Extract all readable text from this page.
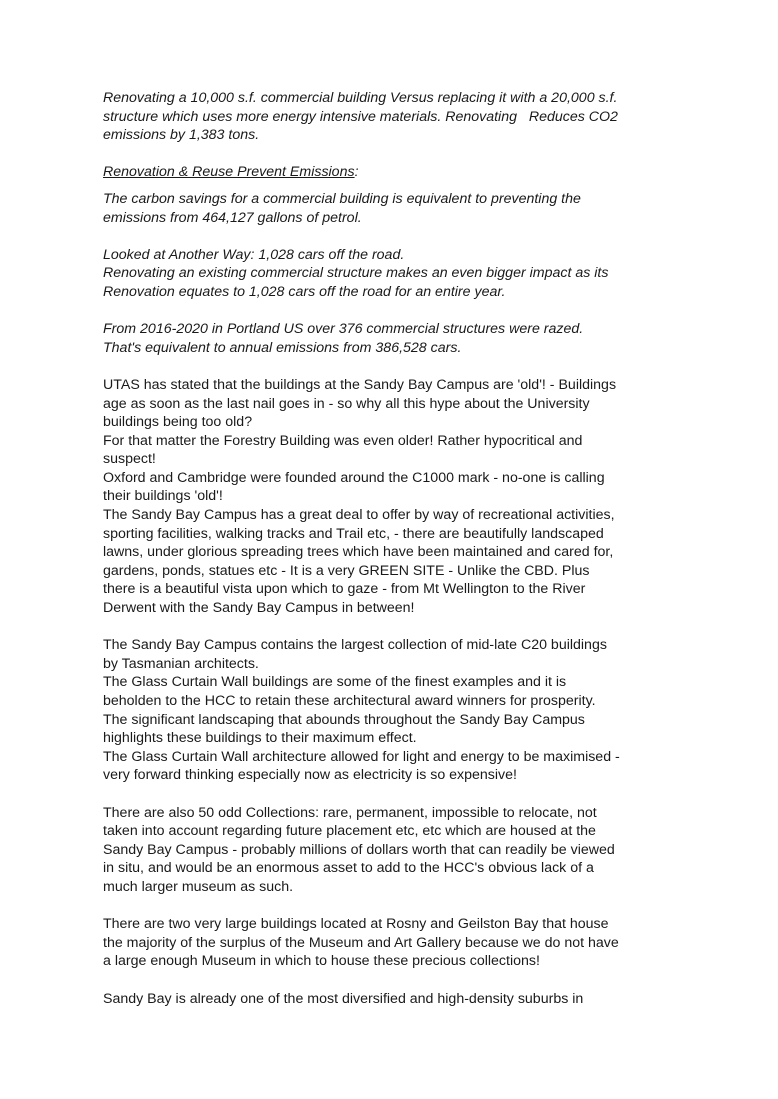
Renovating a 10,000 s.f. commercial building Versus replacing it with a 20,000 s.f.
structure which uses more energy intensive materials. Renovating   Reduces CO2
emissions by 1,383 tons.
Renovation & Reuse Prevent Emissions:
The carbon savings for a commercial building is equivalent to preventing the
emissions from 464,127 gallons of petrol.
Looked at Another Way: 1,028 cars off the road.
Renovating an existing commercial structure makes an even bigger impact as its
Renovation equates to 1,028 cars off the road for an entire year.
From 2016-2020 in Portland US over 376 commercial structures were razed.
That's equivalent to annual emissions from 386,528 cars.
UTAS has stated that the buildings at the Sandy Bay Campus are 'old'! - Buildings
age as soon as the last nail goes in - so why all this hype about the University
buildings being too old?
For that matter the Forestry Building was even older! Rather hypocritical and
suspect!
Oxford and Cambridge were founded around the C1000 mark - no-one is calling
their buildings 'old'!
The Sandy Bay Campus has a great deal to offer by way of recreational activities,
sporting facilities, walking tracks and Trail etc, - there are beautifully landscaped
lawns, under glorious spreading trees which have been maintained and cared for,
gardens, ponds, statues etc - It is a very GREEN SITE - Unlike the CBD. Plus
there is a beautiful vista upon which to gaze - from Mt Wellington to the River
Derwent with the Sandy Bay Campus in between!
The Sandy Bay Campus contains the largest collection of mid-late C20 buildings
by Tasmanian architects.
The Glass Curtain Wall buildings are some of the finest examples and it is
beholden to the HCC to retain these architectural award winners for prosperity.
The significant landscaping that abounds throughout the Sandy Bay Campus
highlights these buildings to their maximum effect.
The Glass Curtain Wall architecture allowed for light and energy to be maximised -
very forward thinking especially now as electricity is so expensive!
There are also 50 odd Collections: rare, permanent, impossible to relocate, not
taken into account regarding future placement etc, etc which are housed at the
Sandy Bay Campus - probably millions of dollars worth that can readily be viewed
in situ, and would be an enormous asset to add to the HCC's obvious lack of a
much larger museum as such.
There are two very large buildings located at Rosny and Geilston Bay that house
the majority of the surplus of the Museum and Art Gallery because we do not have
a large enough Museum in which to house these precious collections!
Sandy Bay is already one of the most diversified and high-density suburbs in
